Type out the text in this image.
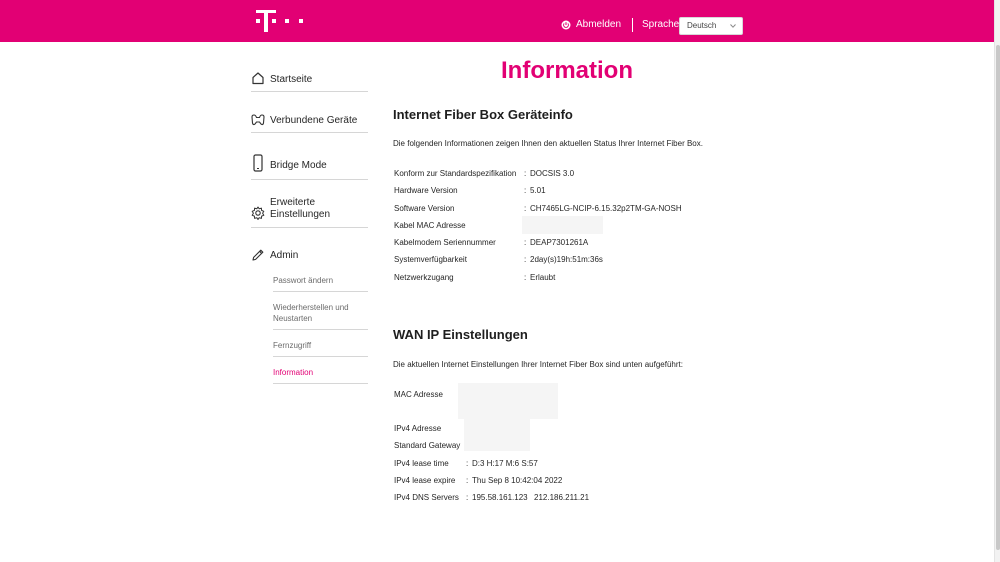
Abmelden Sprache Deutsch
Startseite
Verbundene Geräte
Bridge Mode
Erweiterte
Einstellungen
Admin
Passwort ändern
Wiederherstellen und
Neustarten
Fernzugriff
Information
Information
Internet Fiber Box Geräteinfo

Die folgenden Informationen zeigen Ihnen den aktuellen Status Ihrer Internet Fiber Box.

Konform zur Standardspezifikation : DOCSIS 3.0
Hardware Version	: 5.01
Software Version	: CH7465LG-NCIP-6.15.32p2TM-GA-NOSH
Kabel MAC Adresse
Kabelmodem Seriennummer	: DEAP7301261A
Systemverfügbarkeit	: 2day(s)19h:51m:36s
Netzwerkzugang	: Erlaubt
WAN IP Einstellungen

Die aktuellen Internet Einstellungen Ihrer Internet Fiber Box sind unten aufgeführt:

MAC Adresse
IPv4 Adresse
Standard Gateway
IPv4 lease time : D:3 H:17 M:6 S:57
IPv4 lease expire : Thu Sep 8 10:42:04 2022
IPv4 DNS Servers : 195.58.161.123 212.186.211.21
